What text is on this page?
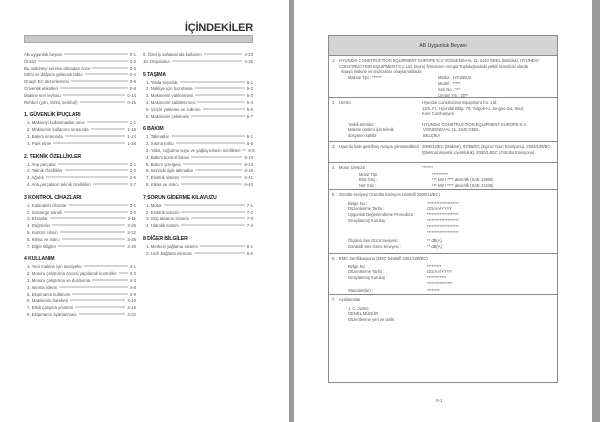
İÇİNDEKİLER
AB uygunluk beyanı	0-1
Önsöz	0-2
Bu makineyi servise almadan önce	0-3
Sıhhi ve dağıtım girilecek tablo	0-4
Onaylı EC düzenlemesi	0-5
Güvenlik etiketleri	0-6
Makine veri levhası	0-14
Rehber (yön, Sıhhi, sembol)	0-15
1. GÜVENLİK İPUÇLARI
1. Makineyi kullanmadan önce	1-1
2. Makinenin kullanımı sırasında	1-15
3. Bakım sırasında	1-24
4. Park etme	1-28
2. TEKNİK ÖZELLİKLER
1. Ana parçalar	2-1
2. Teknik Özellikler	2-2
3. Ağırlık	2-6
4. Ana parçaların teknik özellikleri	2-7
3 KONTROL CİHAZLARI
1. Kabindeki cihazlar	3-1
2. Gösterge paneli	3-2
3. Ekranlar	3-11
4. Düğmeler	3-26
5. Kontrol cihazı	3-32
6. Klima ve ısıtıcı	3-36
7. Diğer Bilgiler	3-40
4 KULLANIM
1. Yeni makine için tavsiyeler	4-1
2. Motoru çalıştırma öncesi yapılacak kontroller	4-2
3. Motoru çalıştırma ve durdurma	4-3
4. Isınma işlemi	4-8
5. Ekipmanın kullanımı	4-9
6. Makinenin hareketi	4-10
7. Etkili çalışma yöntemi	4-15
8. Ekipmanın ayarlanması	4-22
9. Özel iş sahalarında kullanım	4-23
10. Depolama	4-26
5 TAŞIMA
1. Yolda seyahat	5-1
2. Nakliye için hazırlama	5-2
3. Makinenin yüklenmesi	5-3
4. Makinenin sabitlenmesi	5-4
5. Vinçle yükleme ve indirme	5-6
6. Makinenin çekilmesi	5-7
6 BAKIM
1. Talimatlar	6-1
2. Sıkma torku	6-5
3. Yakıt, soğutma suyu ve yağlayıcıların özellikleri 6-8
4. Bakım kontrol listesi	6-10
5. Bakım çizelgesi	6-13
6. Servisle ilgili talimatlar	6-16
7. Elektrik sistemi	6-41
8. Klima ve ısıtıcı	6-44
7 SORUN GİDERME KILAVUZU
1. Motor	7-1
2. Elektrik sistemi	7-2
3. Güç aktarım sistemi	7-3
4. Hidrolik sistem	7-4
8 DİĞER BİLGİLER
1. Merkezi yağlama sistemi	8-1
2. Hızlı bağlantı elemanı	8-6
AB Uygunluk Beyanı
1. HYUNDAI CONSTRUCTION EQUIPMENT EUROPE N.V VOSSENDAAL 11, 2440 GEEL (Belçika), HYUNDAI CONSTRUCTION EQUIPMENT Co. Ltd. (Kore) firmasının Avrupa Topluluğundaki yetkili temsilcisi olarak
itişaşıt makine ve teçhizatını onaylamaktadır.
Makine Tipi : ******	Marka : HYUNDAI
Model : *****
Seri No : ***
Üretim Yılı : 20**
2. Üretici	Hyundai Construction Equipment Co. Ltd.
12th. Fl., Hyundai Bldg. 75, Yulgok-ro, Jongno-Gu, Seul,
Kore Cumhuriyeti
Yetkili temsilci:	HYUNDAI CONSTRUCTION EQUIPMENT EUROPE N.V.
Makine üretimi için teknik	VOSSENDAAL 11, 2440 GEEL
dosyanın sahibi	BELÇİKA
3. Uyumlu hale getirilmiş Avrupa yönetmelikleri : 2006/42/EC (Makine), 97/68/EC (Egzoz Gazı Emisyonu), 2004/108/EC (Elektromanyetik Uyumluluk), 2000/14/EC (Gürültü Emisyonu)
4. Motor Üreticisi :	*******
Motor Tipi :	**********
Brüt Güç :	*** kW / **** devir/dk (SAE J1995)
Net Güç :	*** kW / **** devir/dk (SAE J1349)
5. Gürültü seviyesi (Gürültü Emisyon Direktifi 2000/14/EC)
Belge No :	********************
Düzenlenme Tarihi :	GG/AA/YYYY
Uygunluk Değerlendirme Prosedürü :	********************
Onaylanmış Kuruluş :	********************
********************
********************
Ölçülen Ses Gücü Seviyesi :	** dB(A)
Garantili Ses Gücü Seviyesi :	** dB(A)
6. EMC Sertifikasyonu (EMC Direktifi 2004/108/EC)
Belge No :	*********
Düzenlenme Tarihi :	GG/AA/YYYY
Onaylanmış Kuruluş :	************
****************
Standart(lar) :	********
7. Açıklamalar
J. C. JUNG
GENEL MÜDÜR
Düzenlenme yeri ve tarihi :
0-1
